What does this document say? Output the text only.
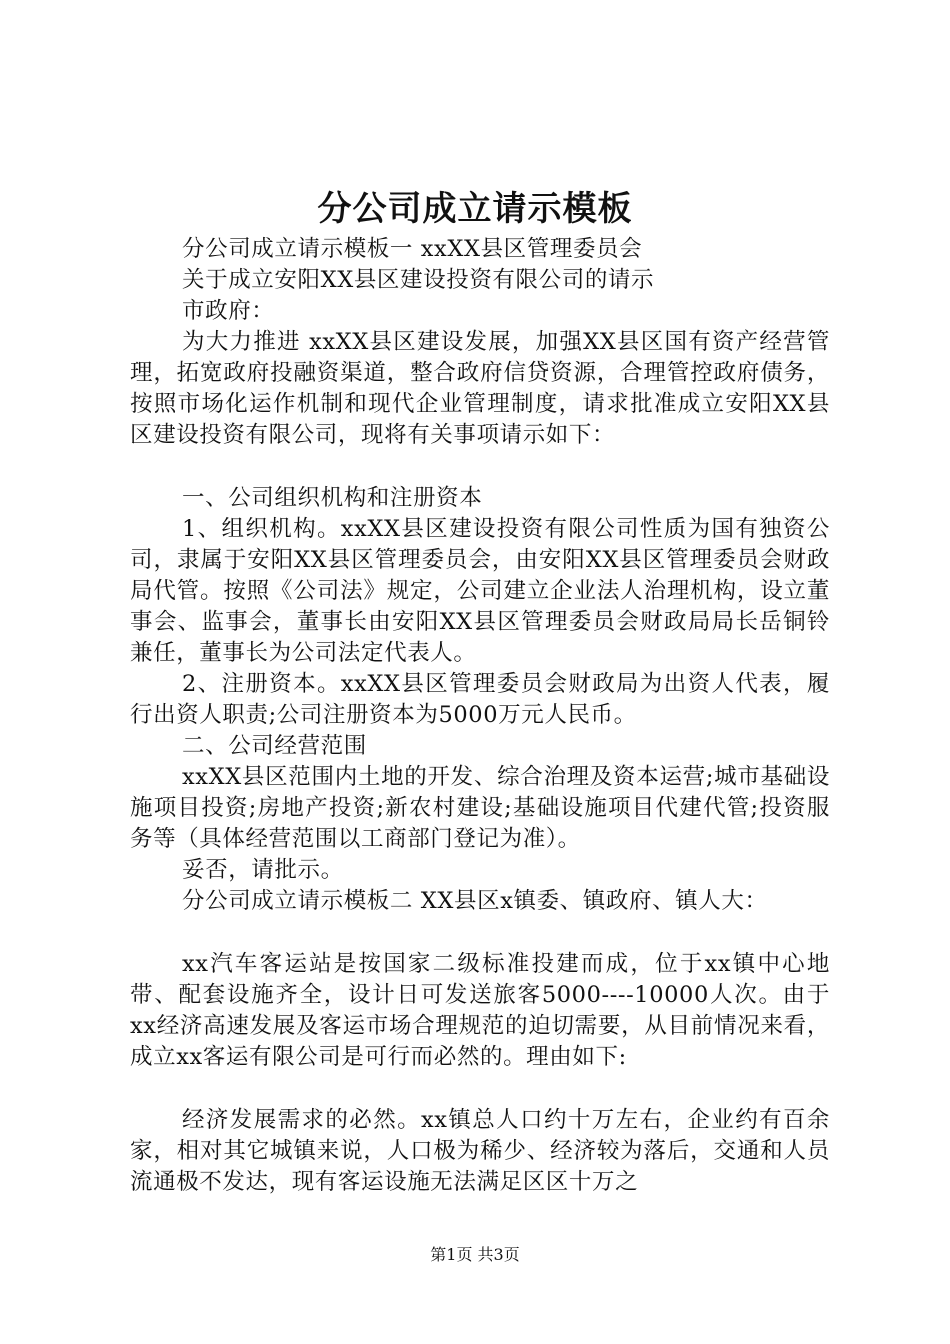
分公司成立请示模板

分公司成立请示模板一 xxXX县区管理委员会

关于成立安阳XX县区建设投资有限公司的请示

市政府：

为大力推进 xxXX县区建设发展，加强XX县区国有资产经营管理，拓宽政府投融资渠道，整合政府信贷资源，合理管控政府债务，按照市场化运作机制和现代企业管理制度，请求批准成立安阳XX县区建设投资有限公司，现将有关事项请示如下：

一、公司组织机构和注册资本

1、组织机构。xxXX县区建设投资有限公司性质为国有独资公司，隶属于安阳XX县区管理委员会，由安阳XX县区管理委员会财政局代管。按照《公司法》规定，公司建立企业法人治理机构，设立董事会、监事会，董事长由安阳XX县区管理委员会财政局局长岳铜铃兼任，董事长为公司法定代表人。

2、注册资本。xxXX县区管理委员会财政局为出资人代表，履行出资人职责;公司注册资本为5000万元人民币。

二、公司经营范围

xxXX县区范围内土地的开发、综合治理及资本运营;城市基础设施项目投资;房地产投资;新农村建设;基础设施项目代建代管;投资服务等（具体经营范围以工商部门登记为准）。

妥否，请批示。

分公司成立请示模板二 XX县区x镇委、镇政府、镇人大：

xx汽车客运站是按国家二级标准投建而成，位于xx镇中心地带、配套设施齐全，设计日可发送旅客5000----10000人次。由于xx经济高速发展及客运市场合理规范的迫切需要，从目前情况来看，成立xx客运有限公司是可行而必然的。理由如下:

经济发展需求的必然。xx镇总人口约十万左右，企业约有百余家，相对其它城镇来说，人口极为稀少、经济较为落后，交通和人员流通极不发达，现有客运设施无法满足区区十万之

第1页 共3页
